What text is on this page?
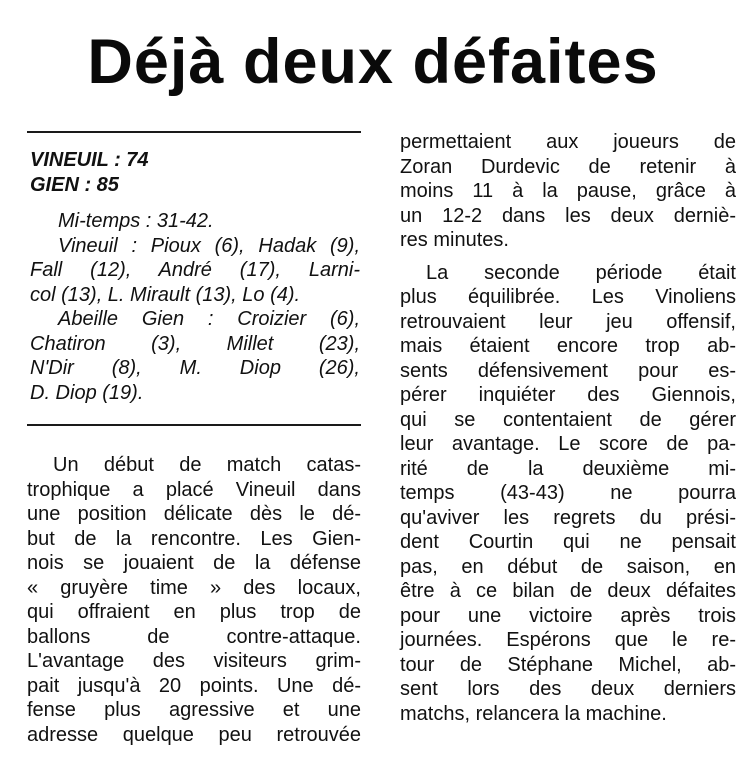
Déjà deux défaites
VINEUIL : 74
GIEN : 85
Mi-temps : 31-42.
Vineuil : Pioux (6), Hadak (9),
Fall (12), André (17), Larni-
col (13), L. Mirault (13), Lo (4).
Abeille Gien : Croizier (6),
Chatiron (3), Millet (23),
N'Dir (8), M. Diop (26),
D. Diop (19).
Un début de match catas-
trophique a placé Vineuil dans
une position délicate dès le dé-
but de la rencontre. Les Gien-
nois se jouaient de la défense
« gruyère time » des locaux,
qui offraient en plus trop de
ballons de contre-attaque.
L'avantage des visiteurs grim-
pait jusqu'à 20 points. Une dé-
fense plus agressive et une
adresse quelque peu retrouvée
permettaient aux joueurs de
Zoran Durdevic de retenir à
moins 11 à la pause, grâce à
un 12-2 dans les deux derniè-
res minutes.
La seconde période était
plus équilibrée. Les Vinoliens
retrouvaient leur jeu offensif,
mais étaient encore trop ab-
sents défensivement pour es-
pérer inquiéter des Giennois,
qui se contentaient de gérer
leur avantage. Le score de pa-
rité de la deuxième mi-
temps (43-43) ne pourra
qu'aviver les regrets du prési-
dent Courtin qui ne pensait
pas, en début de saison, en
être à ce bilan de deux défaites
pour une victoire après trois
journées. Espérons que le re-
tour de Stéphane Michel, ab-
sent lors des deux derniers
matchs, relancera la machine.
